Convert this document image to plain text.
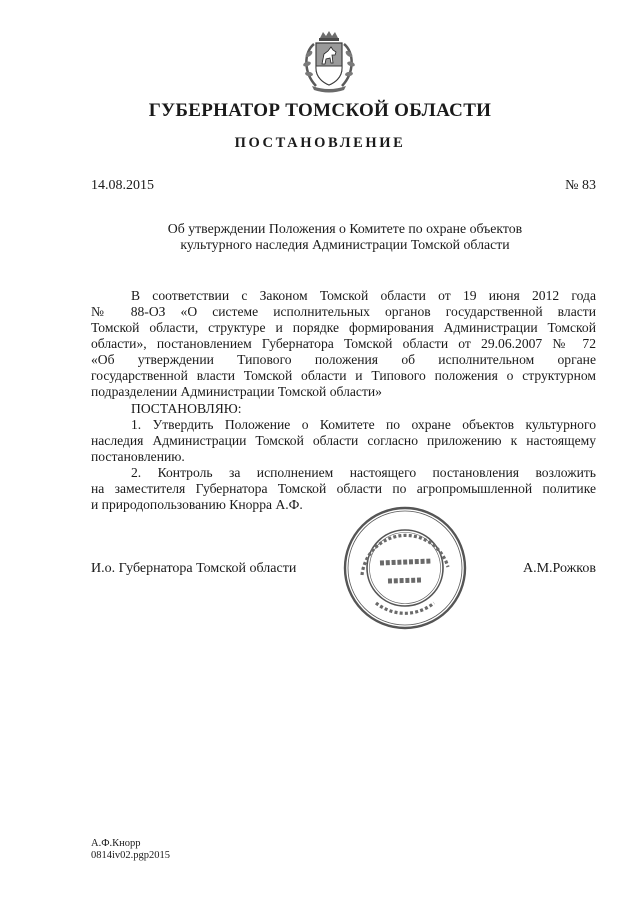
ГУБЕРНАТОР ТОМСКОЙ ОБЛАСТИ
ПОСТАНОВЛЕНИЕ
14.08.2015	№ 83
Об утверждении Положения о Комитете по охране объектов
культурного наследия Администрации Томской области
В соответствии с Законом Томской области от 19 июня 2012 года
№ 88-ОЗ «О системе исполнительных органов государственной власти
Томской области, структуре и порядке формирования Администрации Томской
области», постановлением Губернатора Томской области от 29.06.2007 № 72
«Об утверждении Типового положения об исполнительном органе
государственной власти Томской области и Типового положения о структурном
подразделении Администрации Томской области»
ПОСТАНОВЛЯЮ:
1. Утвердить Положение о Комитете по охране объектов культурного
наследия Администрации Томской области согласно приложению к настоящему
постановлению.
2. Контроль за исполнением настоящего постановления возложить
на заместителя Губернатора Томской области по агропромышленной политике
и природопользованию Кнорра А.Ф.
И.о. Губернатора Томской области	А.М.Рожков
А.Ф.Кнорр
0814iv02.pgp2015
